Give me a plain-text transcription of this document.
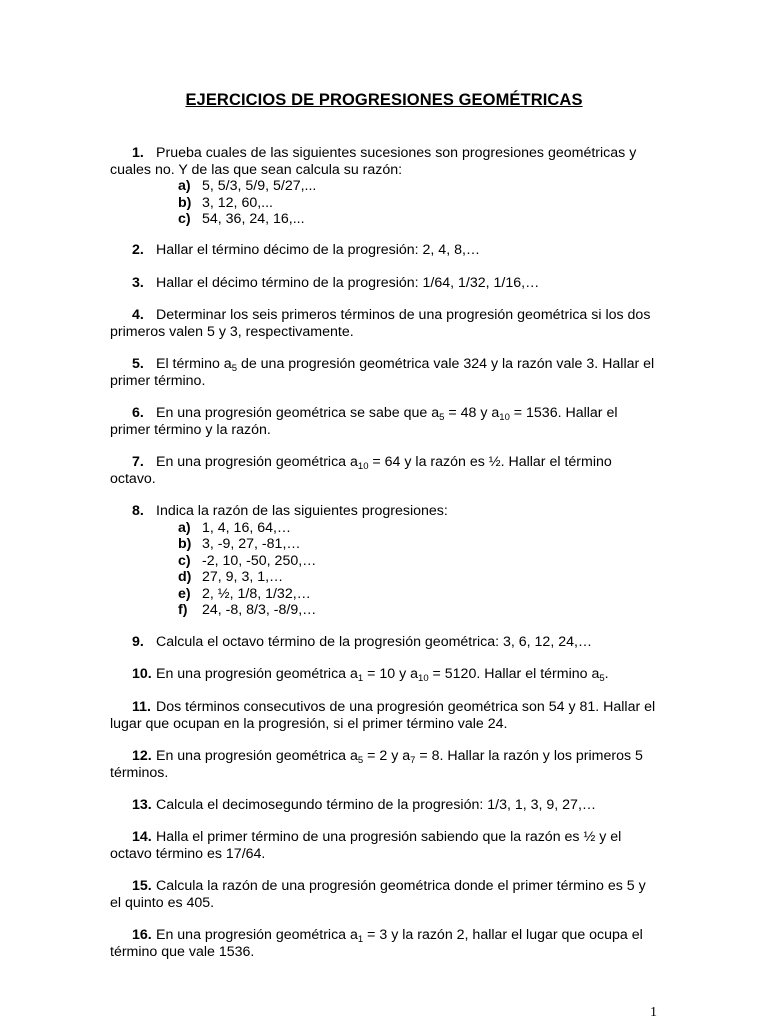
EJERCICIOS DE PROGRESIONES GEOMÉTRICAS
1. Prueba cuales de las siguientes sucesiones son progresiones geométricas y
cuales no. Y de las que sean calcula su razón:
a) 5, 5/3, 5/9, 5/27,...
b) 3, 12, 60,...
c) 54, 36, 24, 16,...
2. Hallar el término décimo de la progresión: 2, 4, 8,…
3. Hallar el décimo término de la progresión: 1/64, 1/32, 1/16,…
4. Determinar los seis primeros términos de una progresión geométrica si los dos
primeros valen 5 y 3, respectivamente.
5. El término $a_5$ de una progresión geométrica vale 324 y la razón vale 3. Hallar el
primer término.
6. En una progresión geométrica se sabe que $a_5 = 48$ y $a_{10} = 1536$. Hallar el
primer término y la razón.
7. En una progresión geométrica $a_{10} = 64$ y la razón es ½. Hallar el término
octavo.
8. Indica la razón de las siguientes progresiones:
a) 1, 4, 16, 64,…
b) 3, -9, 27, -81,…
c) -2, 10, -50, 250,…
d) 27, 9, 3, 1,…
e) 2, ½, 1/8, 1/32,…
f) 24, -8, 8/3, -8/9,…
9. Calcula el octavo término de la progresión geométrica: 3, 6, 12, 24,…
10. En una progresión geométrica $a_1 = 10$ y $a_{10} = 5120$. Hallar el término $a_5$.
11. Dos términos consecutivos de una progresión geométrica son 54 y 81. Hallar el
lugar que ocupan en la progresión, si el primer término vale 24.
12. En una progresión geométrica $a_5 = 2$ y $a_7 = 8$. Hallar la razón y los primeros 5
términos.
13. Calcula el decimosegundo término de la progresión: 1/3, 1, 3, 9, 27,…
14. Halla el primer término de una progresión sabiendo que la razón es ½ y el
octavo término es 17/64.
15. Calcula la razón de una progresión geométrica donde el primer término es 5 y
el quinto es 405.
16. En una progresión geométrica $a_1 = 3$ y la razón 2, hallar el lugar que ocupa el
término que vale 1536.
1
